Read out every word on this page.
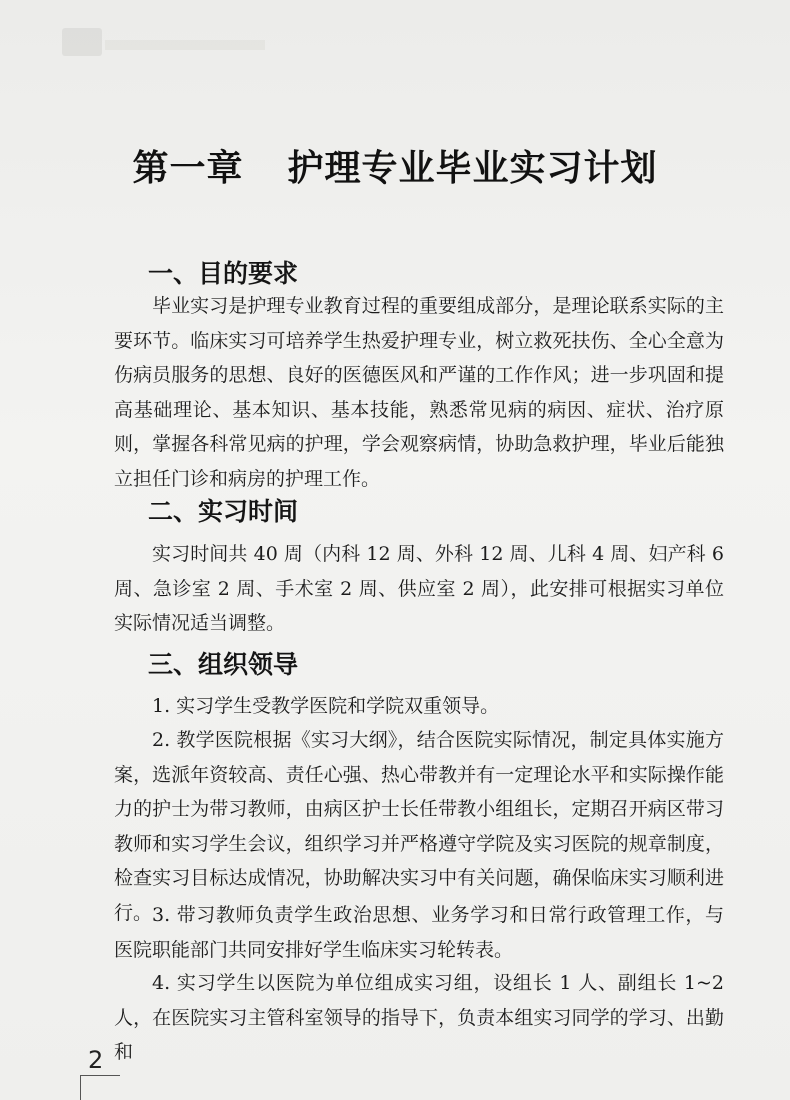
第一章 护理专业毕业实习计划
一、目的要求

毕业实习是护理专业教育过程的重要组成部分，是理论联系实际的主要环节。临床实习可培养学生热爱护理专业，树立救死扶伤、全心全意为伤病员服务的思想、良好的医德医风和严谨的工作作风；进一步巩固和提高基础理论、基本知识、基本技能，熟悉常见病的病因、症状、治疗原则，掌握各科常见病的护理，学会观察病情，协助急救护理，毕业后能独立担任门诊和病房的护理工作。

二、实习时间

实习时间共 40 周（内科 12 周、外科 12 周、儿科 4 周、妇产科 6 周、急诊室 2 周、手术室 2 周、供应室 2 周），此安排可根据实习单位实际情况适当调整。

三、组织领导

1. 实习学生受教学医院和学院双重领导。

2. 教学医院根据《实习大纲》，结合医院实际情况，制定具体实施方案，选派年资较高、责任心强、热心带教并有一定理论水平和实际操作能力的护士为带习教师，由病区护士长任带教小组组长，定期召开病区带习教师和实习学生会议，组织学习并严格遵守学院及实习医院的规章制度，检查实习目标达成情况，协助解决实习中有关问题，确保临床实习顺利进行。 3. 带习教师负责学生政治思想、业务学习和日常行政管理工作，与医院职能部门共同安排好学生临床实习轮转表。

4. 实习学生以医院为单位组成实习组，设组长 1 人、副组长 1~2 人，在医院实习主管科室领导的指导下，负责本组实习同学的学习、出勤和

2
